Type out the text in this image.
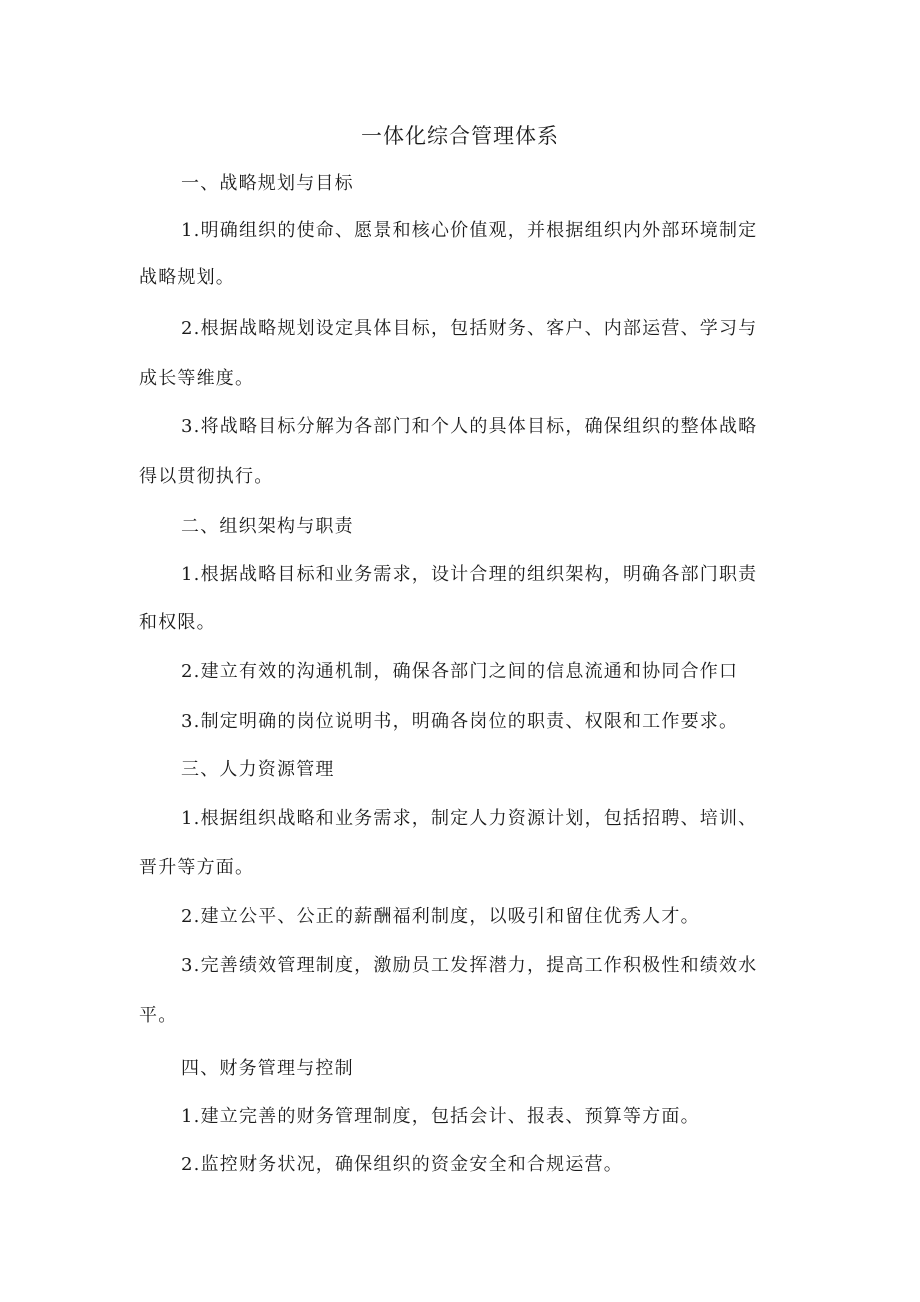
一体化综合管理体系
一、战略规划与目标
1.明确组织的使命、愿景和核心价值观，并根据组织内外部环境制定
战略规划。
2.根据战略规划设定具体目标，包括财务、客户、内部运营、学习与
成长等维度。
3.将战略目标分解为各部门和个人的具体目标，确保组织的整体战略
得以贯彻执行。
二、组织架构与职责
1.根据战略目标和业务需求，设计合理的组织架构，明确各部门职责
和权限。
2.建立有效的沟通机制，确保各部门之间的信息流通和协同合作口
3.制定明确的岗位说明书，明确各岗位的职责、权限和工作要求。
三、人力资源管理
1.根据组织战略和业务需求，制定人力资源计划，包括招聘、培训、
晋升等方面。
2.建立公平、公正的薪酬福利制度，以吸引和留住优秀人才。
3.完善绩效管理制度，激励员工发挥潜力，提高工作积极性和绩效水
平。
四、财务管理与控制
1.建立完善的财务管理制度，包括会计、报表、预算等方面。
2.监控财务状况，确保组织的资金安全和合规运营。
